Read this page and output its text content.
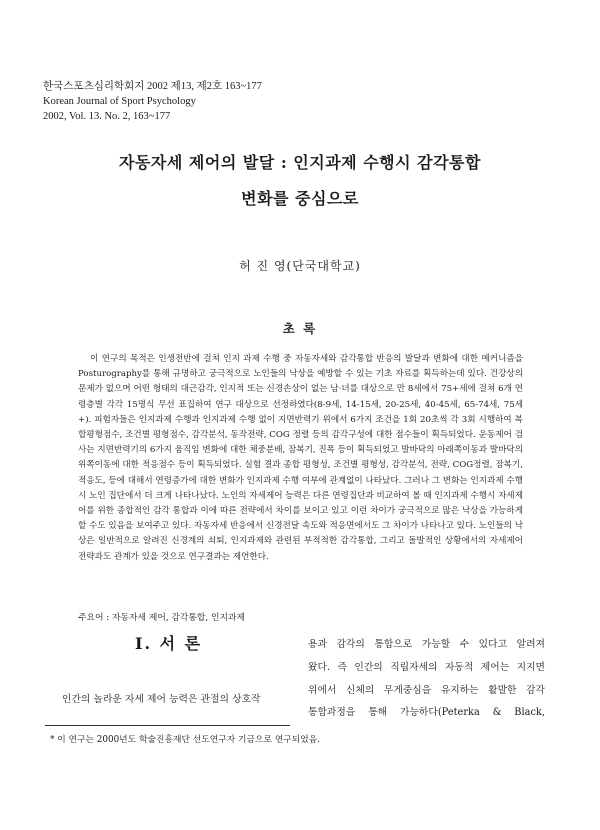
한국스포츠심리학회지 2002 제13, 제2호 163~177
Korean Journal of Sport Psychology
2002, Vol. 13. No. 2, 163~177
자동자세 제어의 발달 : 인지과제 수행시 감각통합
변화를 중심으로
허 진 영(단국대학교)
초 록
이 연구의 목적은 인생전반에 걸쳐 인지 과제 수행 중 자동자세와 감각통합 반응의 발달과 변화에 대한 메커니즘을 Posturography를 통해 규명하고 궁극적으로 노인들의 낙상을 예방할 수 있는 기초 자료를 획득하는데 있다. 건강상의 문제가 없으며 어떤 형태의 대근감각, 인지적 또는 신경손상이 없는 남·녀를 대상으로 만 8세에서 75+세에 걸쳐 6개 연령층별 각각 15명식 무선 표집하여 연구 대상으로 선정하였다(8-9세, 14-15세, 20-25세, 40-45세, 65-74세, 75세 +). 피험자들은 인지과제 수행과 인지과제 수행 없이 지면반력기 위에서 6가지 조건을 1회 20초씩 각 3회 시행하여 복합평형점수, 조건별 평형점수, 감각분석, 동작전략, COG 정렬 등의 감각구성에 대한 점수들이 획득되었다. 운동제어 검사는 지면반력기의 6가지 움직임 변화에 대한 체중분배, 잠복기, 진폭 등이 획득되었고 발바닥의 아래쪽이동과 발바닥의 위쪽이동에 대한 적응점수 등이 획득되었다. 실험 결과 종합 평형성, 조건별 평형성, 감각분석, 전략, COG정렬, 잠복기, 적응도, 등에 대해서 연령증가에 대한 변화가 인지과제 수행 여부에 관계없이 나타났다. 그러나 그 변화는 인지과제 수행시 노인 집단에서 더 크게 나타나났다. 노인의 자세제어 능력은 다른 연령집단과 비교하여 볼 때 인지과제 수행시 자세제어를 위한 종합적인 감각 통합과 이에 따른 전략에서 차이를 보이고 있고 이런 차이가 궁극적으로 많은 낙상을 가능하게 할 수도 있음을 보여주고 있다. 자동자세 반응에서 신경전달 속도와 적응면에서도 그 차이가 나타나고 있다. 노인들의 낙상은 일반적으로 알려진 신경계의 쇠퇴, 인지과제와 관련된 부적적한 감각통합, 그리고 돌발적인 상황에서의 자세제어 전략과도 관계가 있을 것으로 연구결과는 제언한다.
주요어 : 자동자세 제어, 감각통합, 인지과제
I. 서 론
인간의 놀라운 자세 제어 능력은 관절의 상호작
용과 감각의 통합으로 가능할 수 있다고 알려져
왔다. 즉 인간의 직립자세의 자동적 제어는 지지면
위에서 신체의 무게중심을 유지하는 활발한 감각
통합과정을 통해 가능하다(Peterka & Black,
* 이 연구는 2000년도 학술진흥재단 선도연구자 기금으로 연구되었음.
